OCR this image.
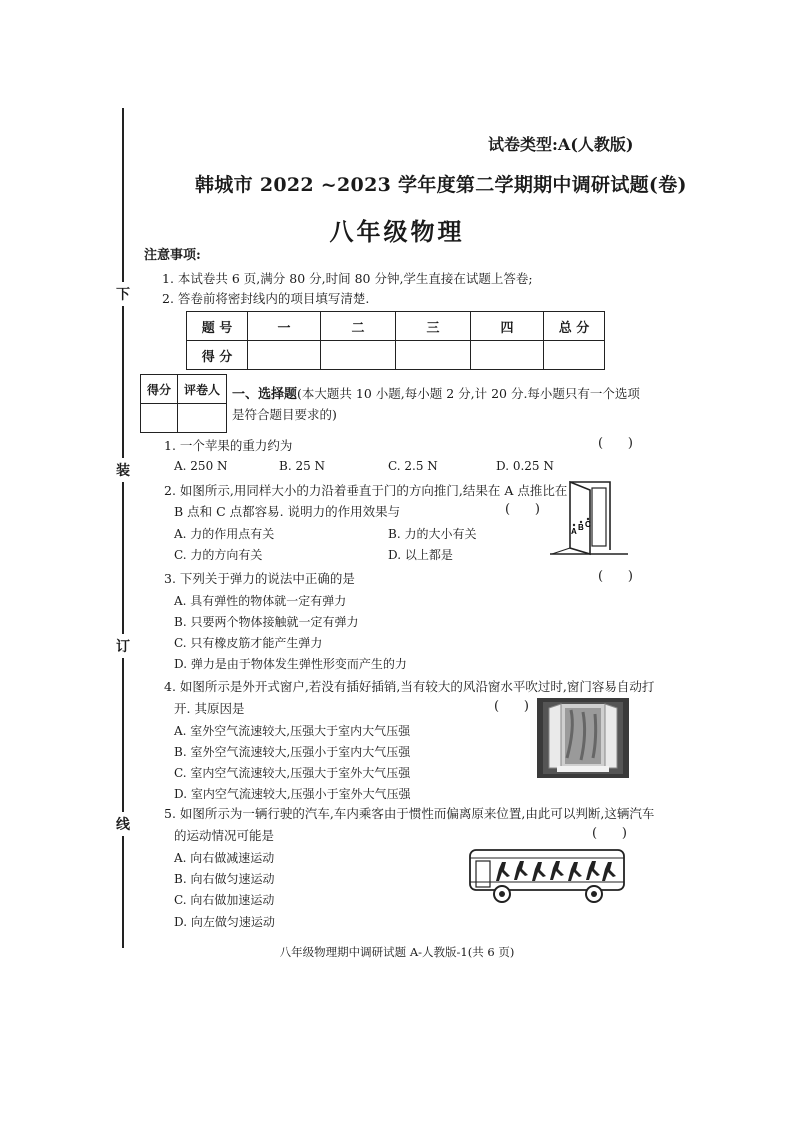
下
装
订
线
试卷类型:A(人教版)
韩城市 2022 ~2023 学年度第二学期期中调研试题(卷)
八年级物理
注意事项:
1. 本试卷共 6 页,满分 80 分,时间 80 分钟,学生直接在试题上答卷;
2. 答卷前将密封线内的项目填写清楚.
题 号	一	二	三	四	总 分
得 分					
得分	评卷人
	一、选择题(本大题共 10 小题,每小题 2 分,计 20 分.每小题只有一个选项是符合题目要求的)
1. 一个苹果的重力约为	(      )
A. 250 N	B. 25 N	C. 2.5 N	D. 0.25 N
2. 如图所示,用同样大小的力沿着垂直于门的方向推门,结果在 A 点推比在
B 点和 C 点都容易. 说明力的作用效果与	(      )
A. 力的作用点有关	B. 力的大小有关
C. 力的方向有关	D. 以上都是
A B C
3. 下列关于弹力的说法中正确的是	(      )
A. 具有弹性的物体就一定有弹力
B. 只要两个物体接触就一定有弹力
C. 只有橡皮筋才能产生弹力
D. 弹力是由于物体发生弹性形变而产生的力
4. 如图所示是外开式窗户,若没有插好插销,当有较大的风沿窗水平吹过时,窗门容易自动打
开. 其原因是	(      )
A. 室外空气流速较大,压强大于室内大气压强
B. 室外空气流速较大,压强小于室内大气压强
C. 室内空气流速较大,压强大于室外大气压强
D. 室内空气流速较大,压强小于室外大气压强
5. 如图所示为一辆行驶的汽车,车内乘客由于惯性而偏离原来位置,由此可以判断,这辆汽车
的运动情况可能是	(      )
A. 向右做减速运动
B. 向右做匀速运动
C. 向右做加速运动
D. 向左做匀速运动
八年级物理期中调研试题 A-人教版-1(共 6 页)
